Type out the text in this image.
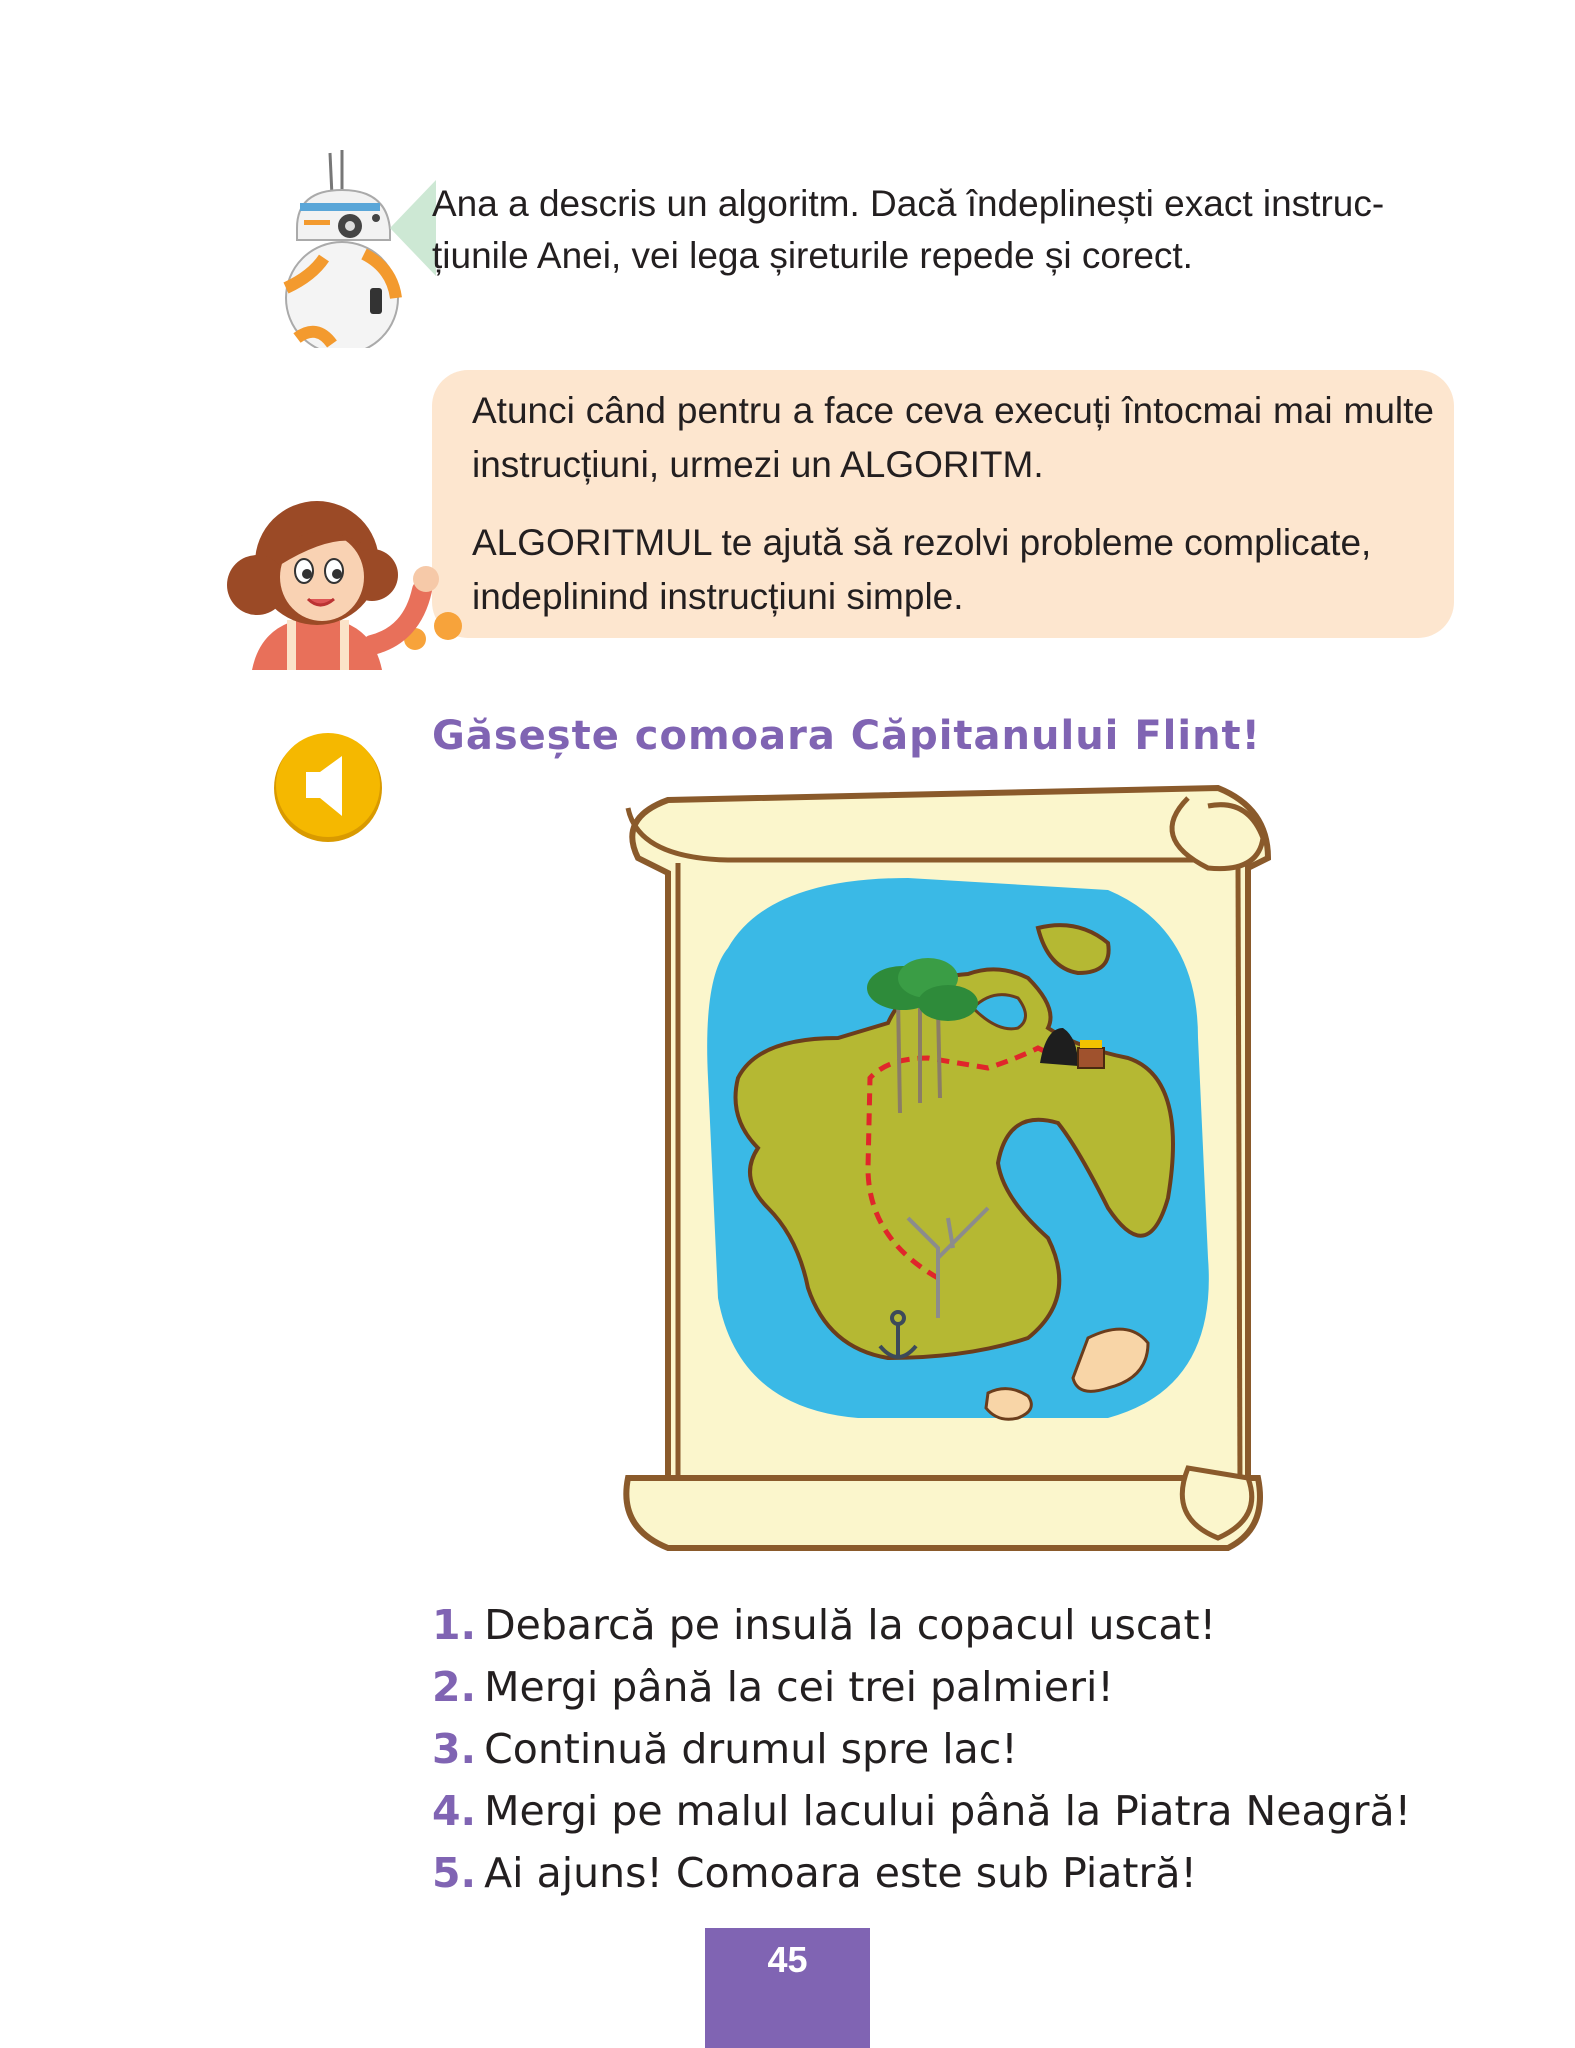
Ana a descris un algoritm. Dacă îndeplinești exact instruc-
țiunile Anei, vei lega șireturile repede și corect.
Atunci când pentru a face ceva execuți întocmai mai multe instrucțiuni, urmezi un ALGORITM.
ALGORITMUL te ajută să rezolvi probleme complicate, indeplinind instrucțiuni simple.
Găsește comoara Căpitanului Flint!
1. Debarcă pe insulă la copacul uscat!
2. Mergi până la cei trei palmieri!
3. Continuă drumul spre lac!
4. Mergi pe malul lacului până la Piatra Neagră!
5. Ai ajuns! Comoara este sub Piatră!
45
